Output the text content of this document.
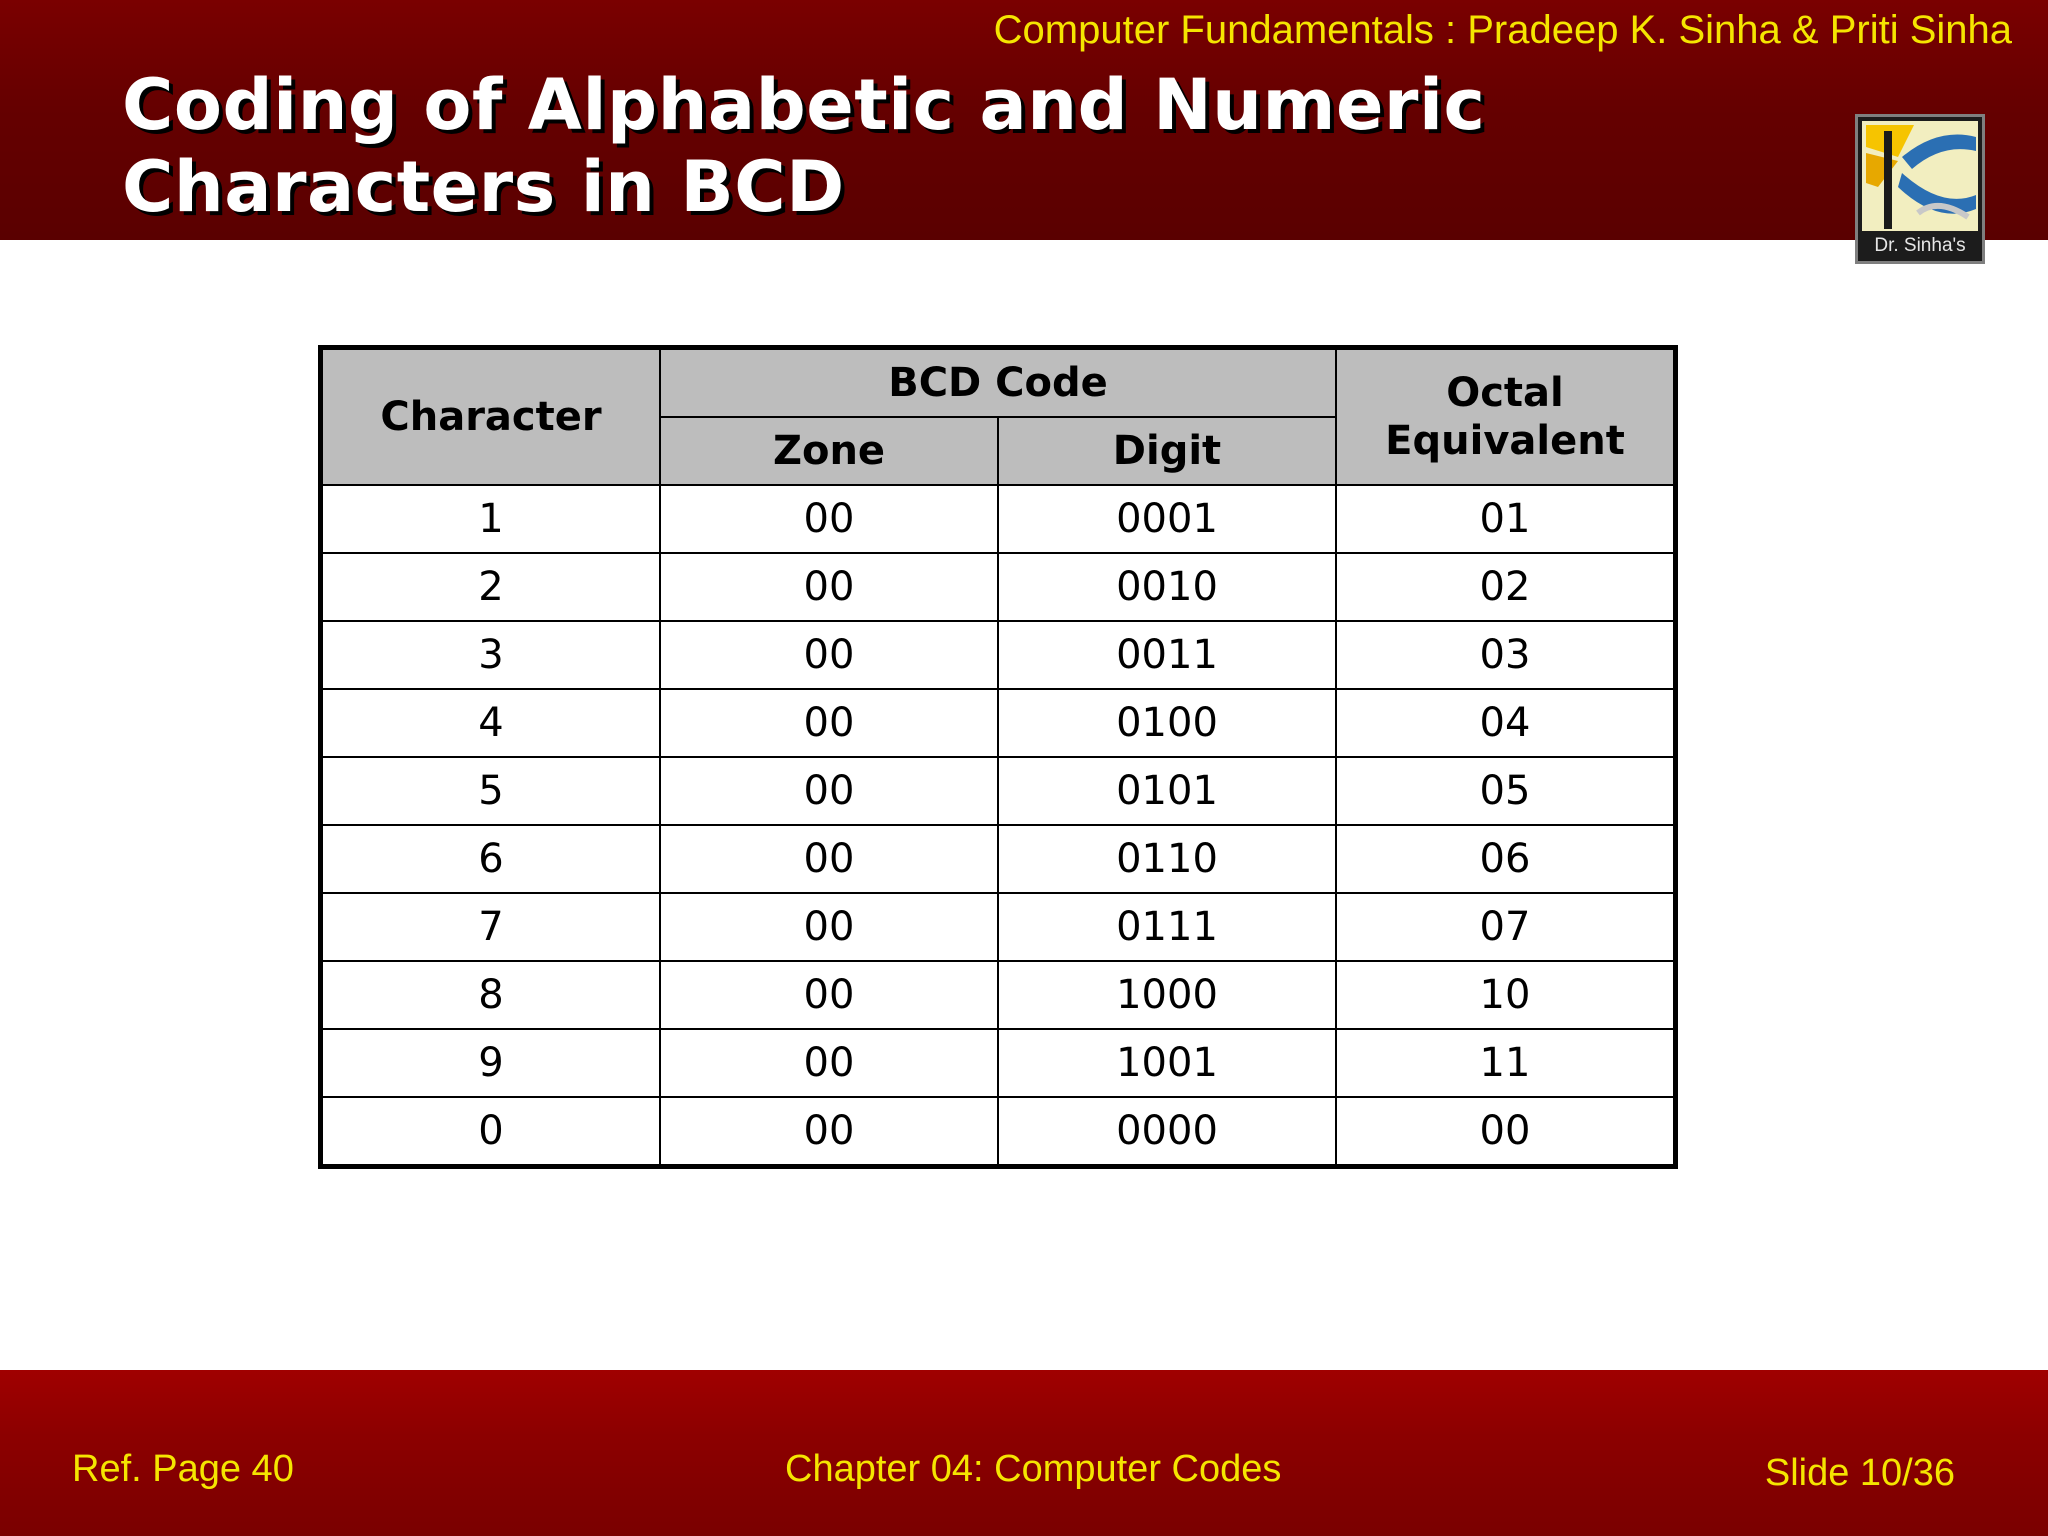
Computer Fundamentals : Pradeep K. Sinha & Priti Sinha
Coding of Alphabetic and Numeric
Characters in BCD
Dr. Sinha's
Character	BCD Code		Octal
Equivalent
	Zone	Digit	
1	00	0001	01
2	00	0010	02
3	00	0011	03
4	00	0100	04
5	00	0101	05
6	00	0110	06
7	00	0111	07
8	00	1000	10
9	00	1001	11
0	00	0000	00
Ref. Page 40	Chapter 04: Computer Codes	Slide 10/36
